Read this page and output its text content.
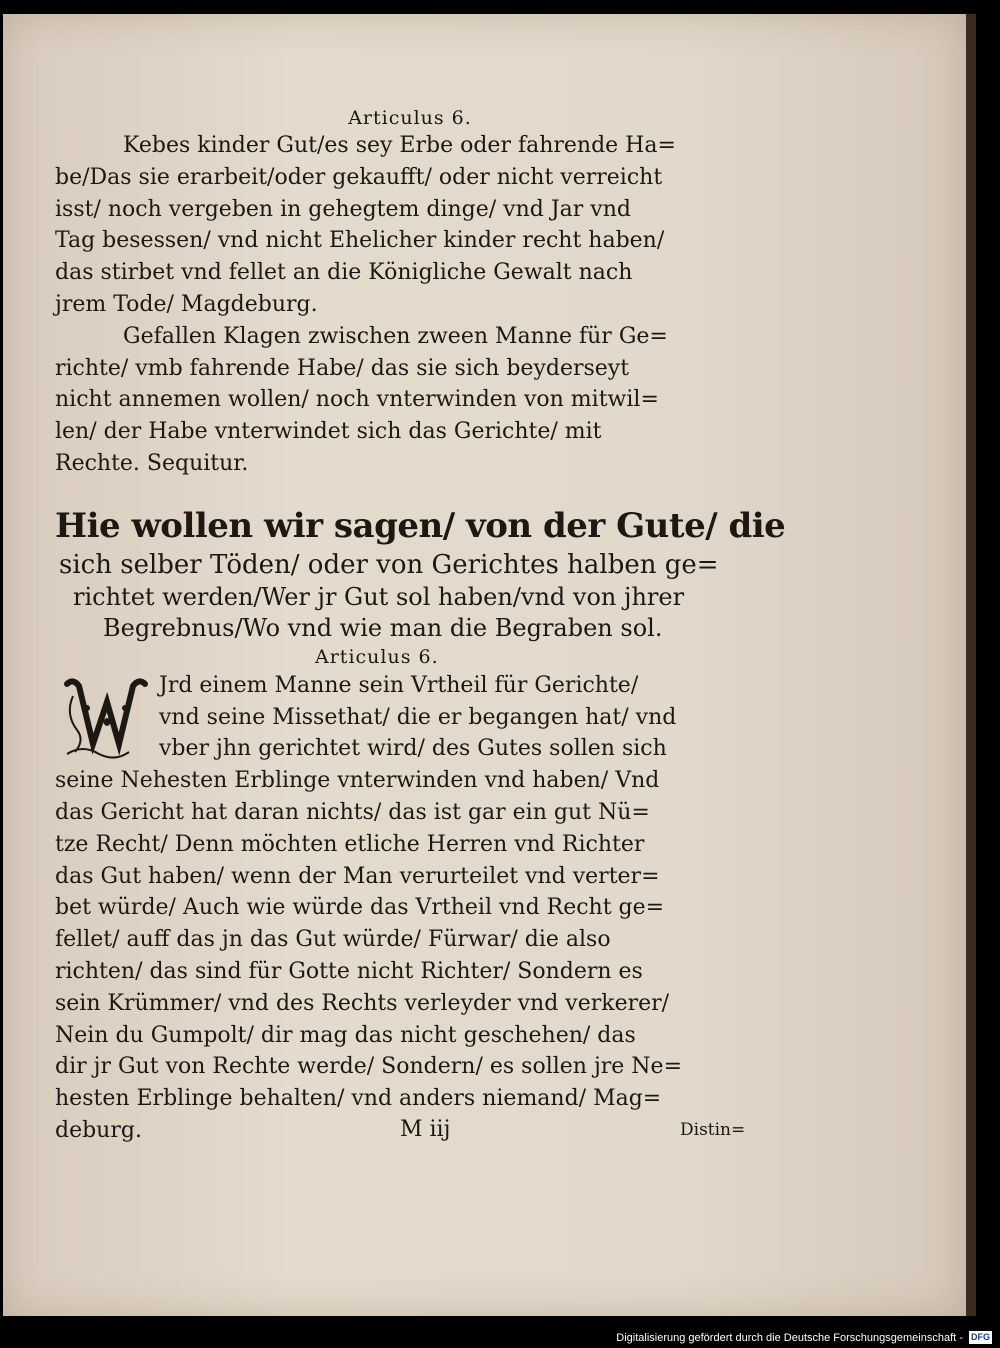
Articulus 6.
Kebes kinder Gut/es sey Erbe oder fahrende Ha=
be/Das sie erarbeit/oder gekaufft/ oder nicht verreicht
isst/ noch vergeben in gehegtem dinge/ vnd Jar vnd
Tag besessen/ vnd nicht Ehelicher kinder recht haben/
das stirbet vnd fellet an die Königliche Gewalt nach
jrem Tode/ Magdeburg.
Gefallen Klagen zwischen zween Manne für Ge=
richte/ vmb fahrende Habe/ das sie sich beyderseyt
nicht annemen wollen/ noch vnterwinden von mitwil=
len/ der Habe vnterwindet sich das Gerichte/ mit
Rechte. Sequitur.
Hie wollen wir sagen/ von der Gute/ die
sich selber Töden/ oder von Gerichtes halben ge=
richtet werden/Wer jr Gut sol haben/vnd von jhrer
Begrebnus/Wo vnd wie man die Begraben sol.
Articulus 6.
Jrd einem Manne sein Vrtheil für Gerichte/
vnd seine Missethat/ die er begangen hat/ vnd
vber jhn gerichtet wird/ des Gutes sollen sich
seine Nehesten Erblinge vnterwinden vnd haben/ Vnd
das Gericht hat daran nichts/ das ist gar ein gut Nü=
tze Recht/ Denn möchten etliche Herren vnd Richter
das Gut haben/ wenn der Man verurteilet vnd verter=
bet würde/ Auch wie würde das Vrtheil vnd Recht ge=
fellet/ auff das jn das Gut würde/ Fürwar/ die also
richten/ das sind für Gotte nicht Richter/ Sondern es
sein Krümmer/ vnd des Rechts verleyder vnd verkerer/
Nein du Gumpolt/ dir mag das nicht geschehen/ das
dir jr Gut von Rechte werde/ Sondern/ es sollen jre Ne=
hesten Erblinge behalten/ vnd anders niemand/ Mag=
deburg.	M iij	Distin=
Digitalisierung gefördert durch die Deutsche Forschungsgemeinschaft - DFG
